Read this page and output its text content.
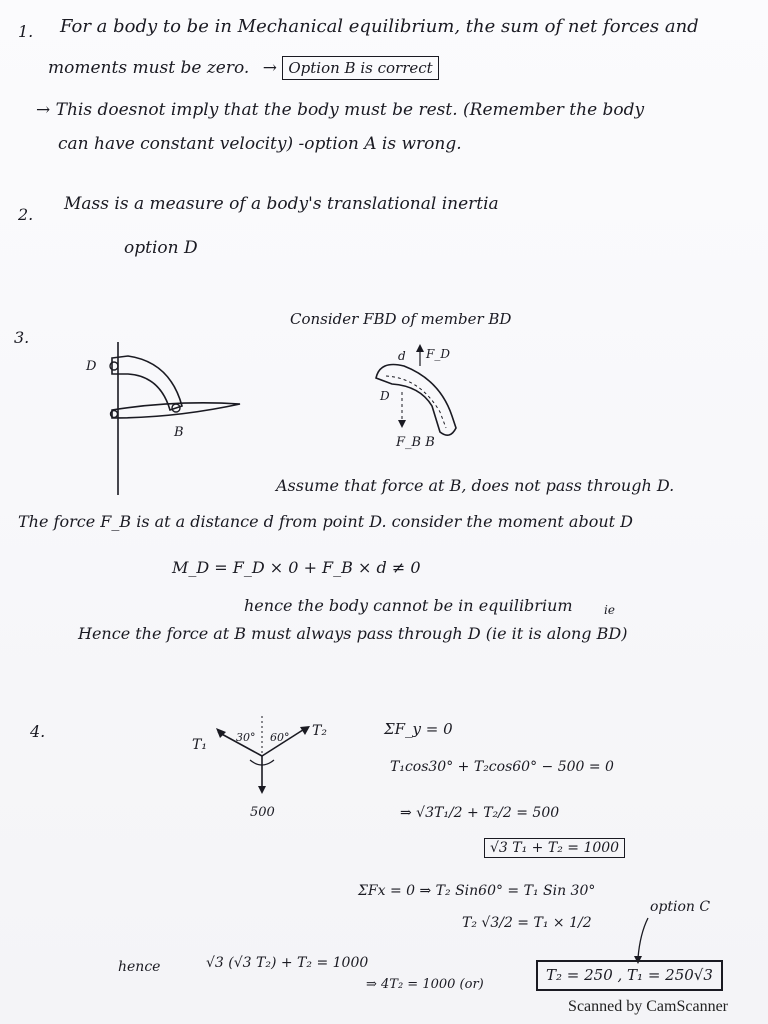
1. For a body to be in Mechanical equilibrium, the sum of net forces and
moments must be zero. → Option B is correct
→ This doesnot imply that the body must be rest. (Remember the body
can have constant velocity) -option A is wrong.
2.
Mass is a measure of a body's translational inertia
option D
3.
Consider FBD of member BD
D
B
d F_D
D
F_B B
Assume that force at B, does not pass through D.
The force F_B is at a distance d from point D. consider the moment about D
M_D = F_D × 0 + F_B × d ≠ 0
hence the body cannot be in equilibrium	ie
Hence the force at B must always pass through D (ie it is along BD)
4.
T₁
T₂
30° 60°
500
ΣF_y = 0
T₁cos30° + T₂cos60° − 500 = 0
⇒ √3T₁/2 + T₂/2 = 500
√3 T₁ + T₂ = 1000
ΣFx = 0 ⇒ T₂ Sin60° = T₁ Sin 30°
T₂ √3/2 = T₁ × 1/2
option C
hence	√3 (√3 T₂) + T₂ = 1000
⇒ 4T₂ = 1000 (or)
T₂ = 250 , T₁ = 250√3
Scanned by CamScanner
